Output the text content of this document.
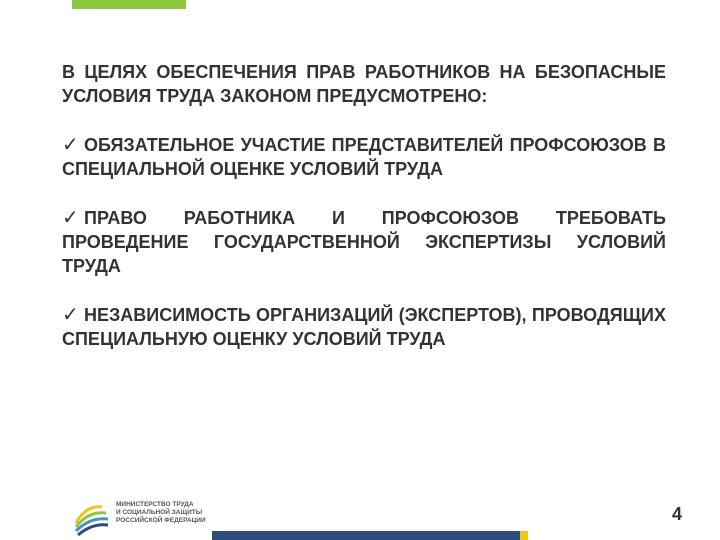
В ЦЕЛЯХ ОБЕСПЕЧЕНИЯ ПРАВ РАБОТНИКОВ НА БЕЗОПАСНЫЕ УСЛОВИЯ ТРУДА ЗАКОНОМ ПРЕДУСМОТРЕНО:

✓ ОБЯЗАТЕЛЬНОЕ УЧАСТИЕ ПРЕДСТАВИТЕЛЕЙ ПРОФСОЮЗОВ В СПЕЦИАЛЬНОЙ ОЦЕНКЕ УСЛОВИЙ ТРУДА

✓ ПРАВО РАБОТНИКА И ПРОФСОЮЗОВ ТРЕБОВАТЬ ПРОВЕДЕНИЕ ГОСУДАРСТВЕННОЙ ЭКСПЕРТИЗЫ УСЛОВИЙ ТРУДА

✓ НЕЗАВИСИМОСТЬ ОРГАНИЗАЦИЙ (ЭКСПЕРТОВ), ПРОВОДЯЩИХ СПЕЦИАЛЬНУЮ ОЦЕНКУ УСЛОВИЙ ТРУДА

МИНИСТЕРСТВО ТРУДА
И СОЦИАЛЬНОЙ ЗАЩИТЫ
РОССИЙСКОЙ ФЕДЕРАЦИИ	4
